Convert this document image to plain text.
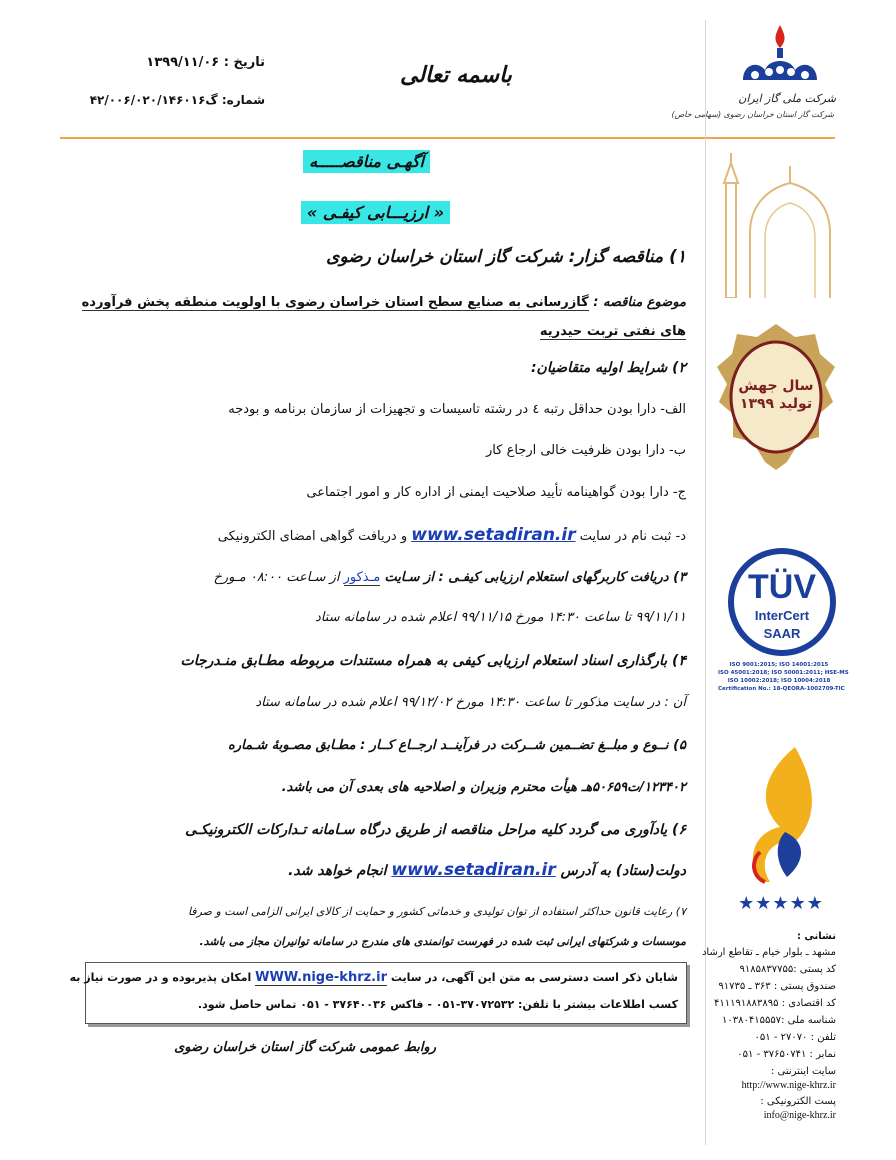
شرکت ملی گاز ایران
شرکت گاز استان خراسان رضوی (سهامی خاص)
باسمه تعالی
تاریخ : ۱۳۹۹/۱۱/۰۶
شماره: گ۴۲/۰۰۶/۰۲۰/۱۴۶۰۱۶
آگهـی مناقصـــــه
« ارزیـــابی کیفـی »
۱) مناقصه گزار: شرکت گاز استان خراسان رضوی
موضوع مناقصه : گازرسانی به صنایع سطح استان خراسان رضوی با اولویت منطقه پخش فرآورده
های نفتی تربت حیدریه
۲) شرایط اولیه متقاضیان:
الف- دارا بودن حداقل رتبه ٤ در رشته تاسیسات و تجهیزات از سازمان برنامه و بودجه
ب- دارا بودن ظرفیت خالی ارجاع کار
ج- دارا بودن گواهینامه تأیید صلاحیت ایمنی از اداره کار و امور اجتماعی
د- ثبت نام در سایت www.setadiran.ir و دریافت گواهی امضای الکترونیکی
۳) دریافت کاربرگهای استعلام ارزیابی کیفـی : از سـایت مـذکور از سـاعت ۰۸:۰۰ مـورخ
۹۹/۱۱/۱۱ تا ساعت ۱۴:۳۰ مورخ ۹۹/۱۱/۱۵ اعلام شده در سامانه ستاد
۴) بارگذاری اسناد استعلام ارزیابی کیفی به همراه مستندات مربوطه مطـابق منـدرجات
آن : در سایت مذکور تا ساعت ۱۴:۳۰ مورخ ۹۹/۱۲/۰۲ اعلام شده در سامانه ستاد
۵) نــوع و مبلــغ تضــمین شــرکت در فرآینــد ارجــاع کــار : مطـابق مصـوبهٔ شـماره
۱۲۳۴۰۲/ت۵۰۶۵۹هـ هیأت محترم وزیران و اصلاحیه های بعدی آن می باشد.
۶) یادآوری می گردد کلیه مراحل مناقصه از طریق درگاه سـامانه تـدارکات الکترونیکـی
دولت(ستاد) به آدرس www.setadiran.ir انجام خواهد شد.
۷) رعایت قانون حداکثر استفاده از توان تولیدی و خدماتی کشور و حمایت از کالای ایرانی الزامی است و صرفا
موسسات و شرکتهای ایرانی ثبت شده در فهرست توانمندی های مندرج در سامانه توانیران مجاز می باشد.
شایان ذکر است دسترسی به متن این آگهی، در سایت WWW.nige-khrz.ir امکان پذیربوده و در صورت نیاز به
کسب اطلاعات بیشتر با تلفن: ۳۷۰۷۲۵۳۲-۰۵۱ - فاکس ۳۷۶۴۰۰۳۶ - ۰۵۱ تماس حاصل شود.
روابط عمومی شرکت گاز استان خراسان رضوی
سال جهش تولید ۱۳۹۹
TÜV
InterCert
SAAR
ISO 9001:2015; ISO 14001:2015
ISO 45001:2018; ISO 50001:2011; HSE-MS
ISO 10002:2018; ISO 10004:2018
Certification No.: 18-QEORA-1002709-TIC
★★★★★
نشانی :
مشهد ـ بلوار خیام ـ تقاطع ارشاد
کد پستی :۹۱۸۵۸۳۷۷۵۵
صندوق پستی : ۳۶۳ ـ ۹۱۷۳۵
کد اقتصادی : ۴۱۱۱۹۱۸۸۳۸۹۵
شناسه ملی :۱۰۳۸۰۴۱۵۵۵۷
تلفن : ۲۷۰۷۰ - ۰۵۱
نمابر : ۳۷۶۵۰۷۴۱ - ۰۵۱
سایت اینترنتی :
http://www.nige-khrz.ir
پست الکترونیکی :
info@nige-khrz.ir
